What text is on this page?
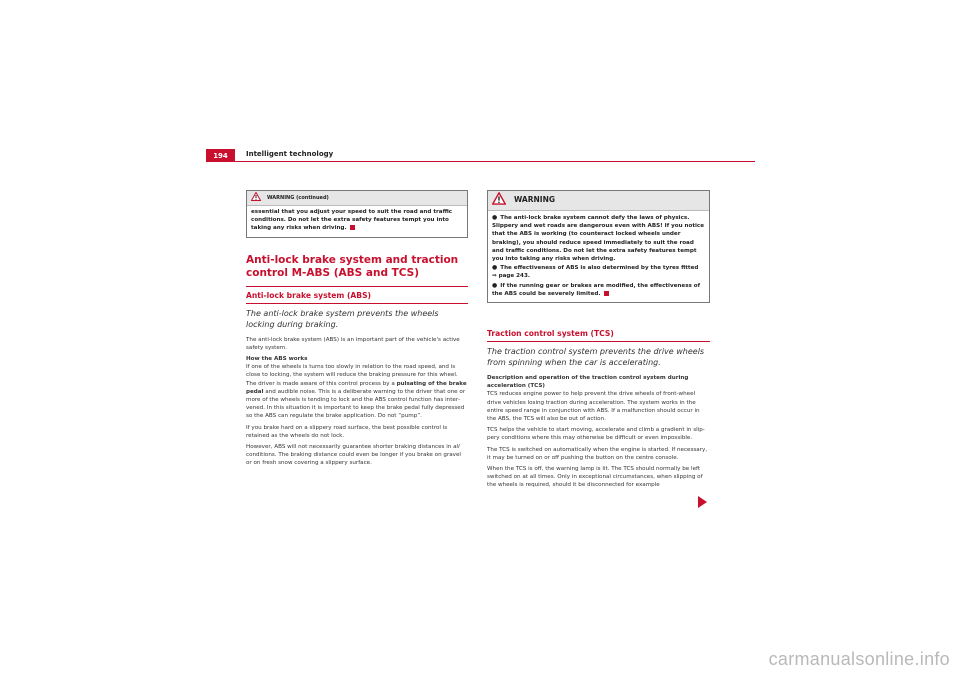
194	Intelligent technology
WARNING (continued)
essential that you adjust your speed to suit the road and traffic conditions. Do not let the extra safety features tempt you into taking any risks when driving.
Anti-lock brake system and traction control M-ABS (ABS and TCS)
Anti-lock brake system (ABS)
The anti-lock brake system prevents the wheels locking during braking.

The anti-lock brake system (ABS) is an important part of the vehicle's active safety system.

How the ABS works

If one of the wheels is turns too slowly in relation to the road speed, and is close to locking, the system will reduce the braking pressure for this wheel. The driver is made aware of this control process by a pulsating of the brake pedal and audible noise. This is a deliberate warning to the driver that one or more of the wheels is tending to lock and the ABS control function has intervened. In this situation it is important to keep the brake pedal fully depressed so the ABS can regulate the brake application. Do not “pump”.

If you brake hard on a slippery road surface, the best possible control is retained as the wheels do not lock.

However, ABS will not necessarily guarantee shorter braking distances in all conditions. The braking distance could even be longer if you brake on gravel or on fresh snow covering a slippery surface.

WARNING
● The anti-lock brake system cannot defy the laws of physics. Slippery and wet roads are dangerous even with ABS! If you notice that the ABS is working (to counteract locked wheels under braking), you should reduce speed immediately to suit the road and traffic conditions. Do not let the extra safety features tempt you into taking any risks when driving.
● The effectiveness of ABS is also determined by the tyres fitted
⇒ page 243.
● If the running gear or brakes are modified, the effectiveness of the ABS could be severely limited.
Traction control system (TCS)
The traction control system prevents the drive wheels from spinning when the car is accelerating.

Description and operation of the traction control system during acceleration (TCS)

TCS reduces engine power to help prevent the drive wheels of front-wheel drive vehicles losing traction during acceleration. The system works in the entire speed range in conjunction with ABS. If a malfunction should occur in the ABS, the TCS will also be out of action.

TCS helps the vehicle to start moving, accelerate and climb a gradient in slippery conditions where this may otherwise be difficult or even impossible.

The TCS is switched on automatically when the engine is started. If necessary, it may be turned on or off pushing the button on the centre console.

When the TCS is off, the warning lamp is lit. The TCS should normally be left switched on at all times. Only in exceptional circumstances, when slipping of the wheels is required, should it be disconnected for example

carmanualsonline.info
